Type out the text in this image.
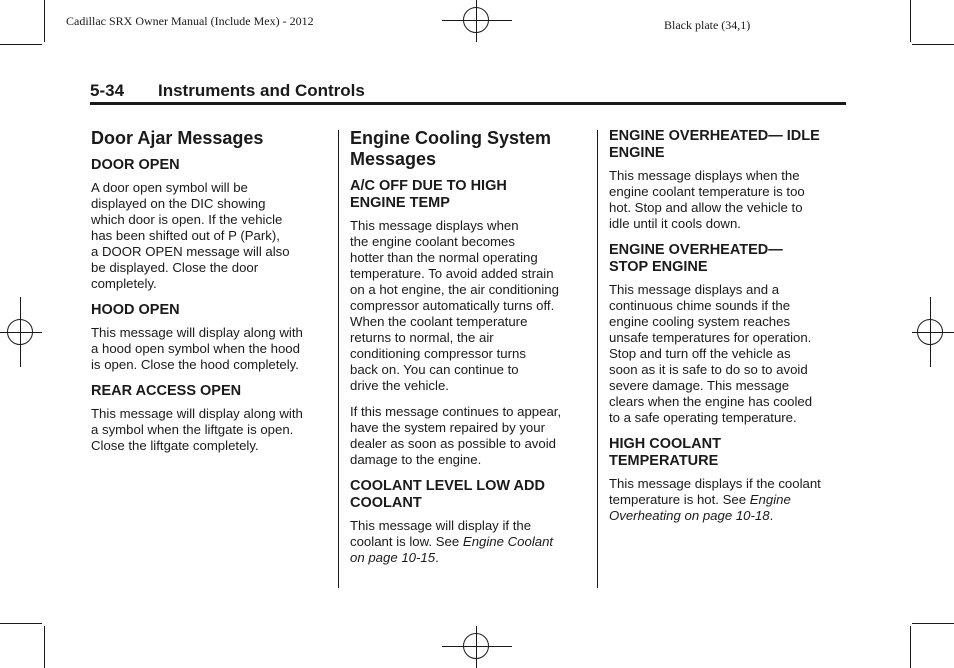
Cadillac SRX Owner Manual (Include Mex) - 2012	Black plate (34,1)
5-34 Instruments and Controls
Door Ajar Messages
DOOR OPEN
A door open symbol will be
displayed on the DIC showing
which door is open. If the vehicle
has been shifted out of P (Park),
a DOOR OPEN message will also
be displayed. Close the door
completely.
HOOD OPEN
This message will display along with
a hood open symbol when the hood
is open. Close the hood completely.
REAR ACCESS OPEN
This message will display along with
a symbol when the liftgate is open.
Close the liftgate completely.
Engine Cooling System
Messages
A/C OFF DUE TO HIGH
ENGINE TEMP
This message displays when
the engine coolant becomes
hotter than the normal operating
temperature. To avoid added strain
on a hot engine, the air conditioning
compressor automatically turns off.
When the coolant temperature
returns to normal, the air
conditioning compressor turns
back on. You can continue to
drive the vehicle.
If this message continues to appear,
have the system repaired by your
dealer as soon as possible to avoid
damage to the engine.
COOLANT LEVEL LOW ADD
COOLANT
This message will display if the
coolant is low. See Engine Coolant
on page 10-15.
ENGINE OVERHEATED— IDLE
ENGINE
This message displays when the
engine coolant temperature is too
hot. Stop and allow the vehicle to
idle until it cools down.
ENGINE OVERHEATED—
STOP ENGINE
This message displays and a
continuous chime sounds if the
engine cooling system reaches
unsafe temperatures for operation.
Stop and turn off the vehicle as
soon as it is safe to do so to avoid
severe damage. This message
clears when the engine has cooled
to a safe operating temperature.
HIGH COOLANT
TEMPERATURE
This message displays if the coolant
temperature is hot. See Engine
Overheating on page 10-18.
